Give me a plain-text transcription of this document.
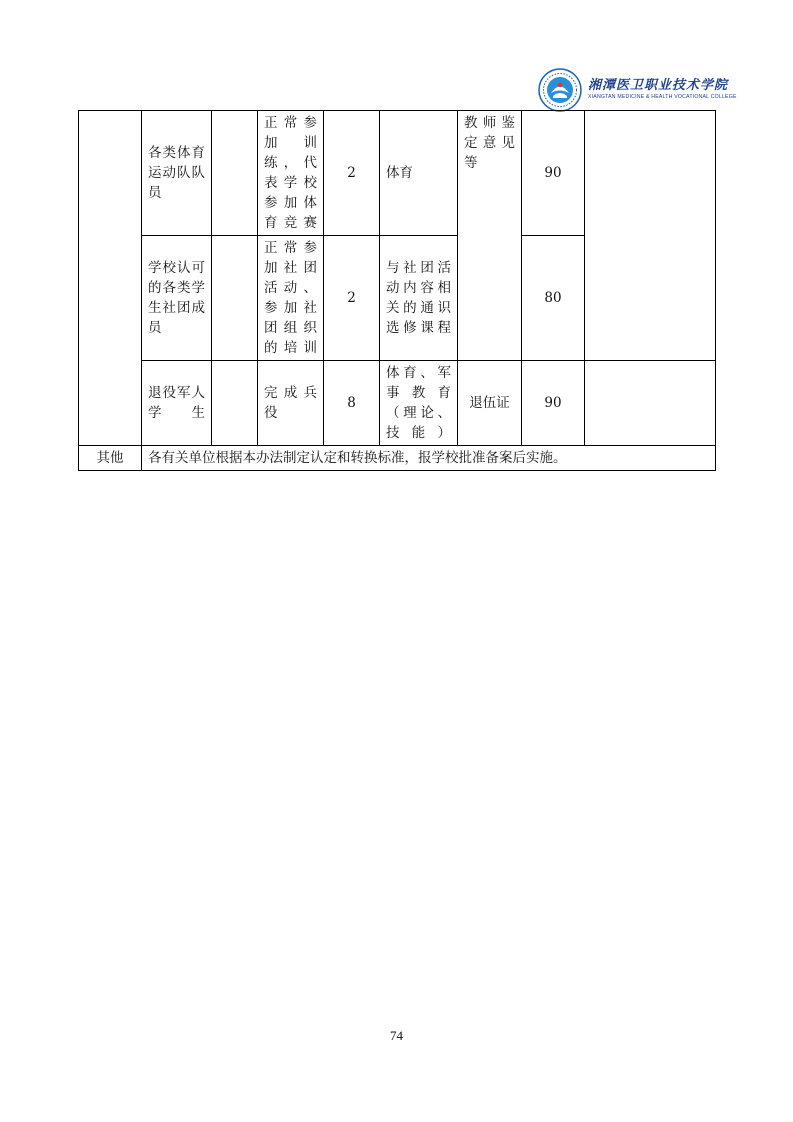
湘潭医卫职业技术学院
XIANGTAN MEDICINE & HEALTH VOCATIONAL COLLEGE

	各类体育运动队队员		正常参加训练，代表学校参加体育竞赛	2	体育	教师鉴定意见等	90	

	学校认可的各类学生社团成员		正常参加社团活动、参加社团组织的培训	2	与社团活动内容相关的通识选修课程		80	

	退役军人学生		完成兵役	8	体育、军事教育（理论、技能）	退伍证	90	
其他	各有关单位根据本办法制定认定和转换标准，报学校批准备案后实施。							
74
